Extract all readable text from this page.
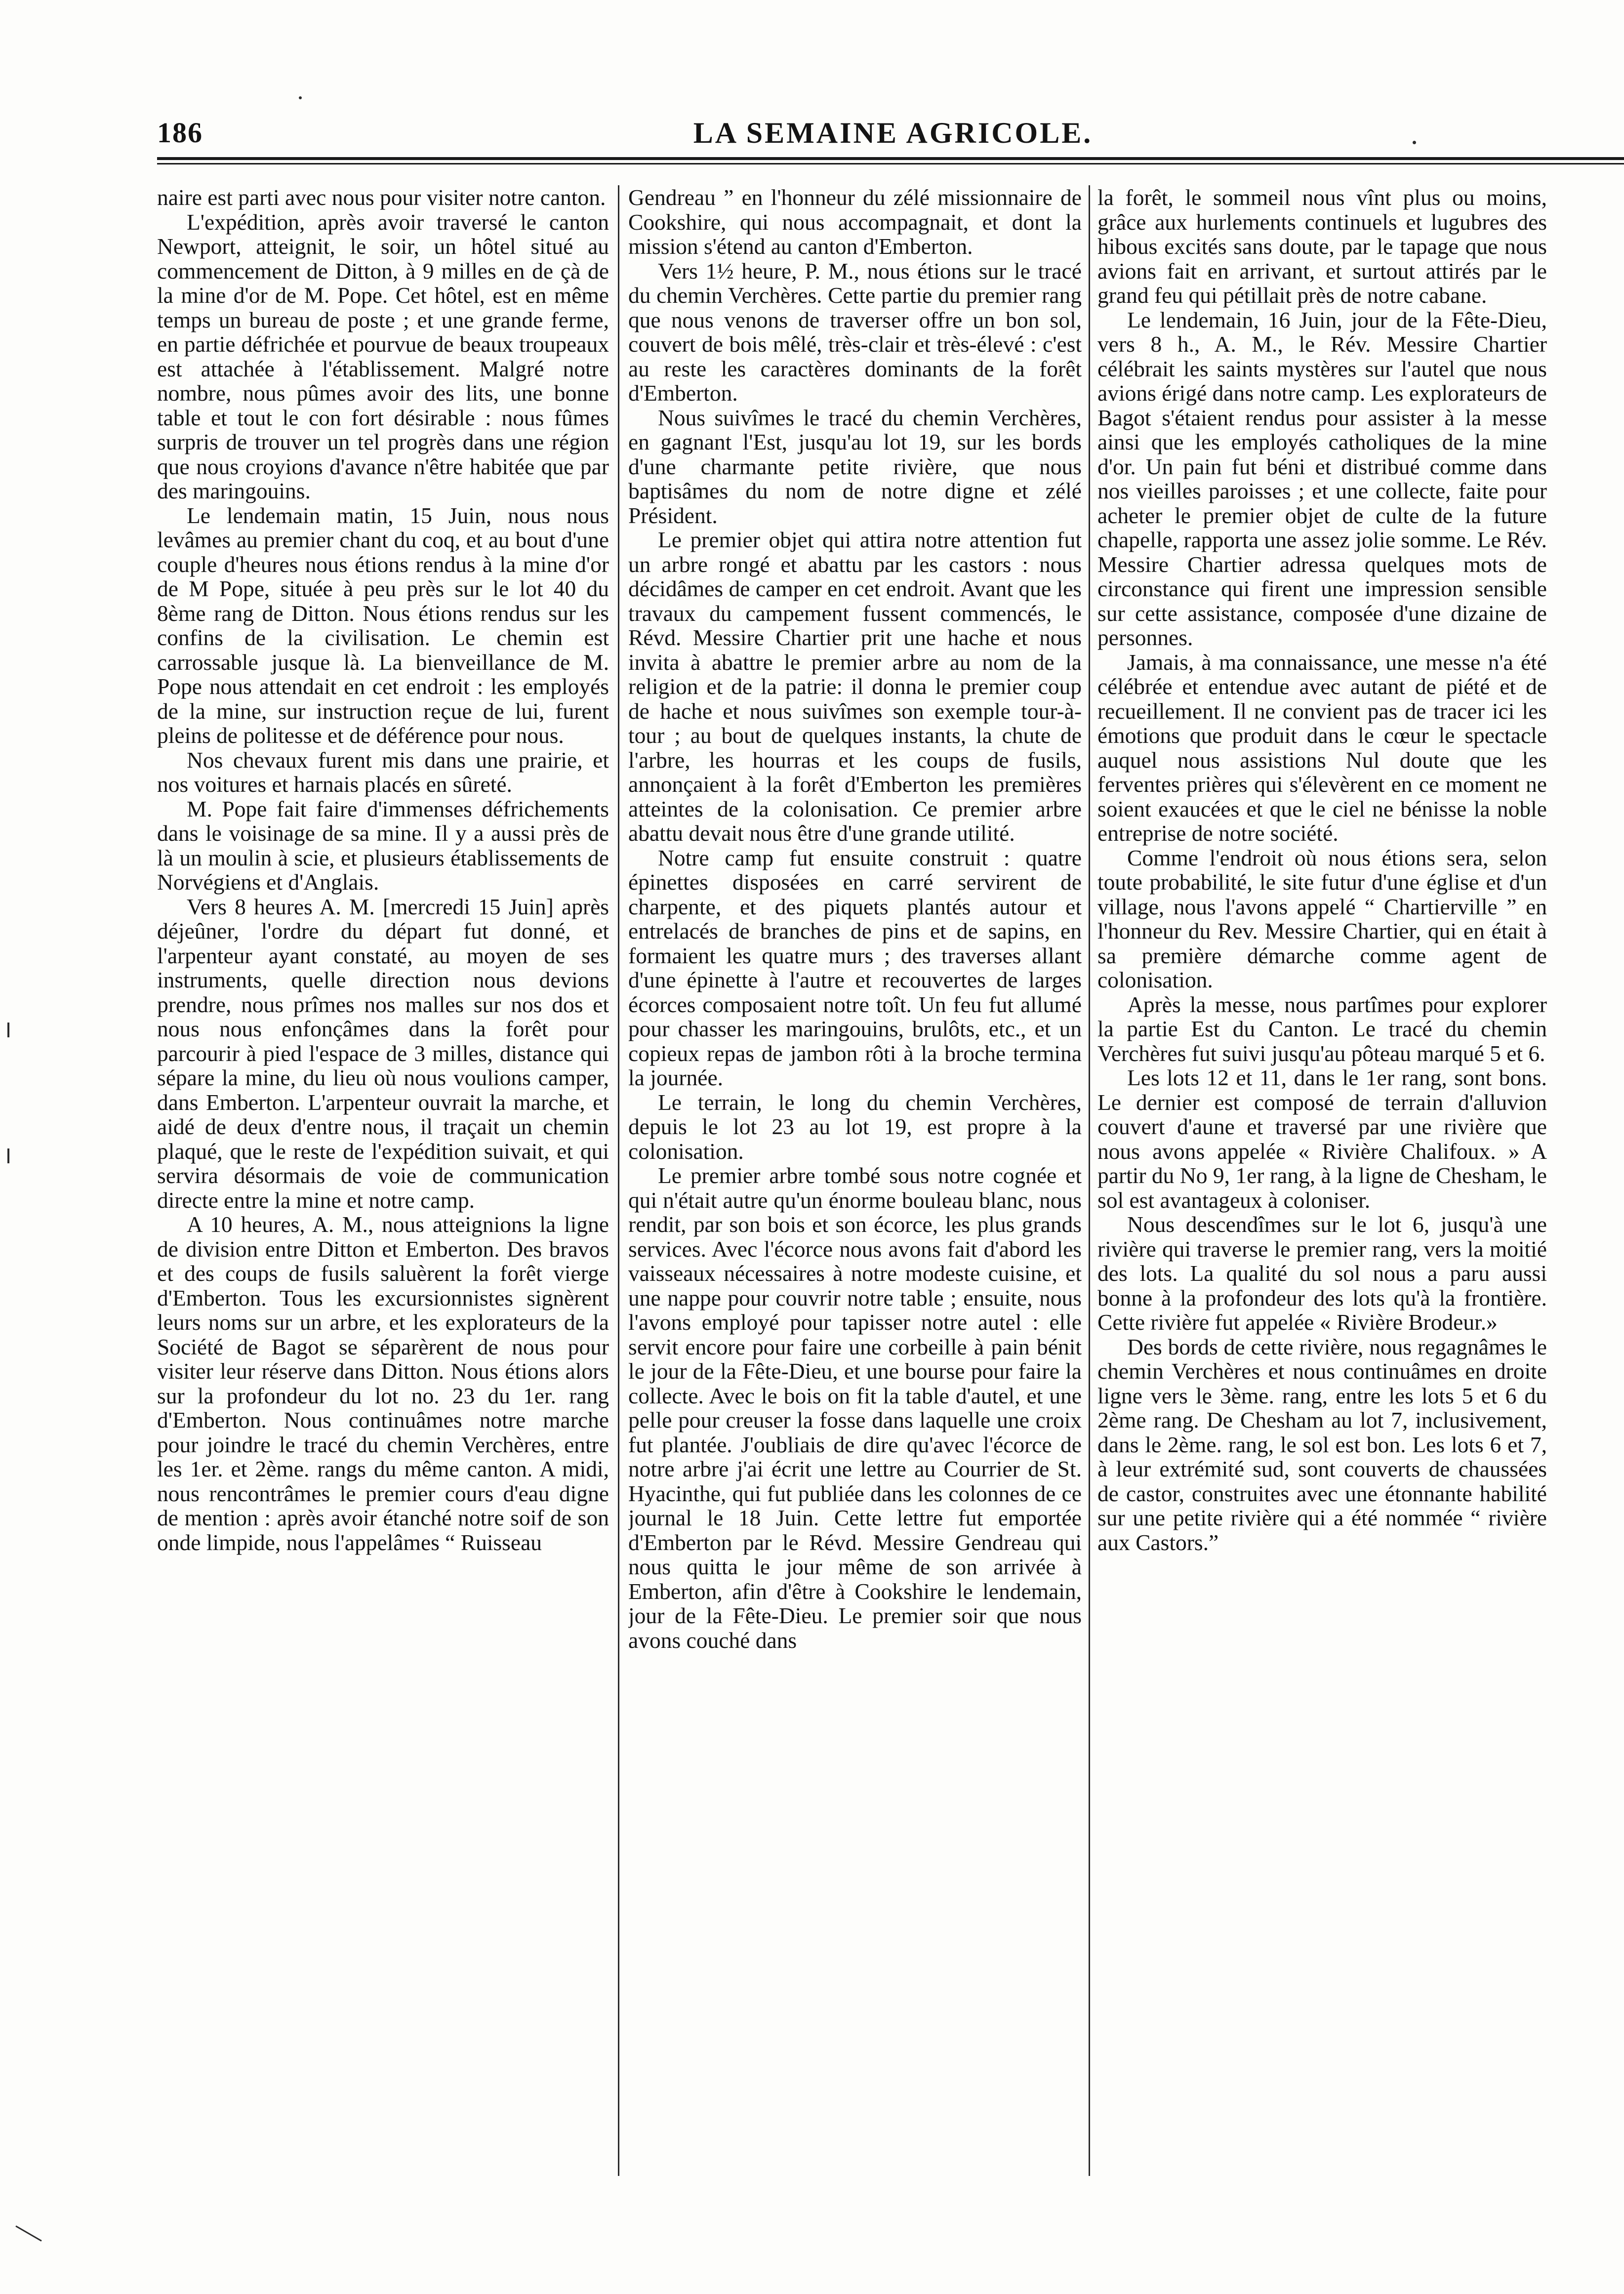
186	LA SEMAINE AGRICOLE.

naire est parti avec nous pour visiter notre canton.

L'expédition, après avoir traversé le canton Newport, atteignit, le soir, un hôtel situé au commencement de Ditton, à 9 milles en de çà de la mine d'or de M. Pope. Cet hôtel, est en même temps un bureau de poste ; et une grande ferme, en partie défrichée et pourvue de beaux troupeaux est attachée à l'établissement. Malgré notre nombre, nous pûmes avoir des lits, une bonne table et tout le con fort désirable : nous fûmes surpris de trouver un tel progrès dans une région que nous croyions d'avance n'être habitée que par des maringouins.

Le lendemain matin, 15 Juin, nous nous levâmes au premier chant du coq, et au bout d'une couple d'heures nous étions rendus à la mine d'or de M Pope, située à peu près sur le lot 40 du 8ème rang de Ditton. Nous étions rendus sur les confins de la civilisation. Le chemin est carrossable jusque là. La bienveillance de M. Pope nous attendait en cet endroit : les employés de la mine, sur instruction reçue de lui, furent pleins de politesse et de déférence pour nous.

Nos chevaux furent mis dans une prairie, et nos voitures et harnais placés en sûreté.

M. Pope fait faire d'immenses défrichements dans le voisinage de sa mine. Il y a aussi près de là un moulin à scie, et plusieurs établissements de Norvégiens et d'Anglais.

Vers 8 heures A. M. [mercredi 15 Juin] après déjeûner, l'ordre du départ fut donné, et l'arpenteur ayant constaté, au moyen de ses instruments, quelle direction nous devions prendre, nous prîmes nos malles sur nos dos et nous nous enfonçâmes dans la forêt pour parcourir à pied l'espace de 3 milles, distance qui sépare la mine, du lieu où nous voulions camper, dans Emberton. L'arpenteur ouvrait la marche, et aidé de deux d'entre nous, il traçait un chemin plaqué, que le reste de l'expédition suivait, et qui servira désormais de voie de communication directe entre la mine et notre camp.

A 10 heures, A. M., nous atteignions la ligne de division entre Ditton et Emberton. Des bravos et des coups de fusils saluèrent la forêt vierge d'Emberton. Tous les excursionnistes signèrent leurs noms sur un arbre, et les explorateurs de la Société de Bagot se séparèrent de nous pour visiter leur réserve dans Ditton. Nous étions alors sur la profondeur du lot no. 23 du 1er. rang d'Emberton. Nous continuâmes notre marche pour joindre le tracé du chemin Verchères, entre les 1er. et 2ème. rangs du même canton. A midi, nous rencontrâmes le premier cours d'eau digne de mention : après avoir étanché notre soif de son onde limpide, nous l'appelâmes “ Ruisseau

Gendreau ” en l'honneur du zélé missionnaire de Cookshire, qui nous accompagnait, et dont la mission s'étend au canton d'Emberton.

Vers 1½ heure, P. M., nous étions sur le tracé du chemin Verchères. Cette partie du premier rang que nous venons de traverser offre un bon sol, couvert de bois mêlé, très-clair et très-élevé : c'est au reste les caractères dominants de la forêt d'Emberton.

Nous suivîmes le tracé du chemin Verchères, en gagnant l'Est, jusqu'au lot 19, sur les bords d'une charmante petite rivière, que nous baptisâmes du nom de notre digne et zélé Président.

Le premier objet qui attira notre attention fut un arbre rongé et abattu par les castors : nous décidâmes de camper en cet endroit. Avant que les travaux du campement fussent commencés, le Révd. Messire Chartier prit une hache et nous invita à abattre le premier arbre au nom de la religion et de la patrie: il donna le premier coup de hache et nous suivîmes son exemple tour-à-tour ; au bout de quelques instants, la chute de l'arbre, les hourras et les coups de fusils, annonçaient à la forêt d'Emberton les premières atteintes de la colonisation. Ce premier arbre abattu devait nous être d'une grande utilité.

Notre camp fut ensuite construit : quatre épinettes disposées en carré servirent de charpente, et des piquets plantés autour et entrelacés de branches de pins et de sapins, en formaient les quatre murs ; des traverses allant d'une épinette à l'autre et recouvertes de larges écorces composaient notre toît. Un feu fut allumé pour chasser les maringouins, brulôts, etc., et un copieux repas de jambon rôti à la broche termina la journée.

Le terrain, le long du chemin Verchères, depuis le lot 23 au lot 19, est propre à la colonisation.

Le premier arbre tombé sous notre cognée et qui n'était autre qu'un énorme bouleau blanc, nous rendit, par son bois et son écorce, les plus grands services. Avec l'écorce nous avons fait d'abord les vaisseaux nécessaires à notre modeste cuisine, et une nappe pour couvrir notre table ; ensuite, nous l'avons employé pour tapisser notre autel : elle servit encore pour faire une corbeille à pain bénit le jour de la Fête-Dieu, et une bourse pour faire la collecte. Avec le bois on fit la table d'autel, et une pelle pour creuser la fosse dans laquelle une croix fut plantée. J'oubliais de dire qu'avec l'écorce de notre arbre j'ai écrit une lettre au Courrier de St. Hyacinthe, qui fut publiée dans les colonnes de ce journal le 18 Juin. Cette lettre fut emportée d'Emberton par le Révd. Messire Gendreau qui nous quitta le jour même de son arrivée à Emberton, afin d'être à Cookshire le lendemain, jour de la Fête-Dieu. Le premier soir que nous avons couché dans

la forêt, le sommeil nous vînt plus ou moins, grâce aux hurlements continuels et lugubres des hibous excités sans doute, par le tapage que nous avions fait en arrivant, et surtout attirés par le grand feu qui pétillait près de notre cabane.

Le lendemain, 16 Juin, jour de la Fête-Dieu, vers 8 h., A. M., le Rév. Messire Chartier célébrait les saints mystères sur l'autel que nous avions érigé dans notre camp. Les explorateurs de Bagot s'étaient rendus pour assister à la messe ainsi que les employés catholiques de la mine d'or. Un pain fut béni et distribué comme dans nos vieilles paroisses ; et une collecte, faite pour acheter le premier objet de culte de la future chapelle, rapporta une assez jolie somme. Le Rév. Messire Chartier adressa quelques mots de circonstance qui firent une impression sensible sur cette assistance, composée d'une dizaine de personnes.

Jamais, à ma connaissance, une messe n'a été célébrée et entendue avec autant de piété et de recueillement. Il ne convient pas de tracer ici les émotions que produit dans le cœur le spectacle auquel nous assistions Nul doute que les ferventes prières qui s'élevèrent en ce moment ne soient exaucées et que le ciel ne bénisse la noble entreprise de notre société.

Comme l'endroit où nous étions sera, selon toute probabilité, le site futur d'une église et d'un village, nous l'avons appelé “ Chartierville ” en l'honneur du Rev. Messire Chartier, qui en était à sa première démarche comme agent de colonisation.

Après la messe, nous partîmes pour explorer la partie Est du Canton. Le tracé du chemin Verchères fut suivi jusqu'au pôteau marqué 5 et 6.

Les lots 12 et 11, dans le 1er rang, sont bons. Le dernier est composé de terrain d'alluvion couvert d'aune et traversé par une rivière que nous avons appelée « Rivière Chalifoux. » A partir du No 9, 1er rang, à la ligne de Chesham, le sol est avantageux à coloniser.

Nous descendîmes sur le lot 6, jusqu'à une rivière qui traverse le premier rang, vers la moitié des lots. La qualité du sol nous a paru aussi bonne à la profondeur des lots qu'à la frontière. Cette rivière fut appelée « Rivière Brodeur.»

Des bords de cette rivière, nous regagnâmes le chemin Verchères et nous continuâmes en droite ligne vers le 3ème. rang, entre les lots 5 et 6 du 2ème rang. De Chesham au lot 7, inclusivement, dans le 2ème. rang, le sol est bon. Les lots 6 et 7, à leur extrémité sud, sont couverts de chaussées de castor, construites avec une étonnante habilité sur une petite rivière qui a été nommée “ rivière aux Castors.”
